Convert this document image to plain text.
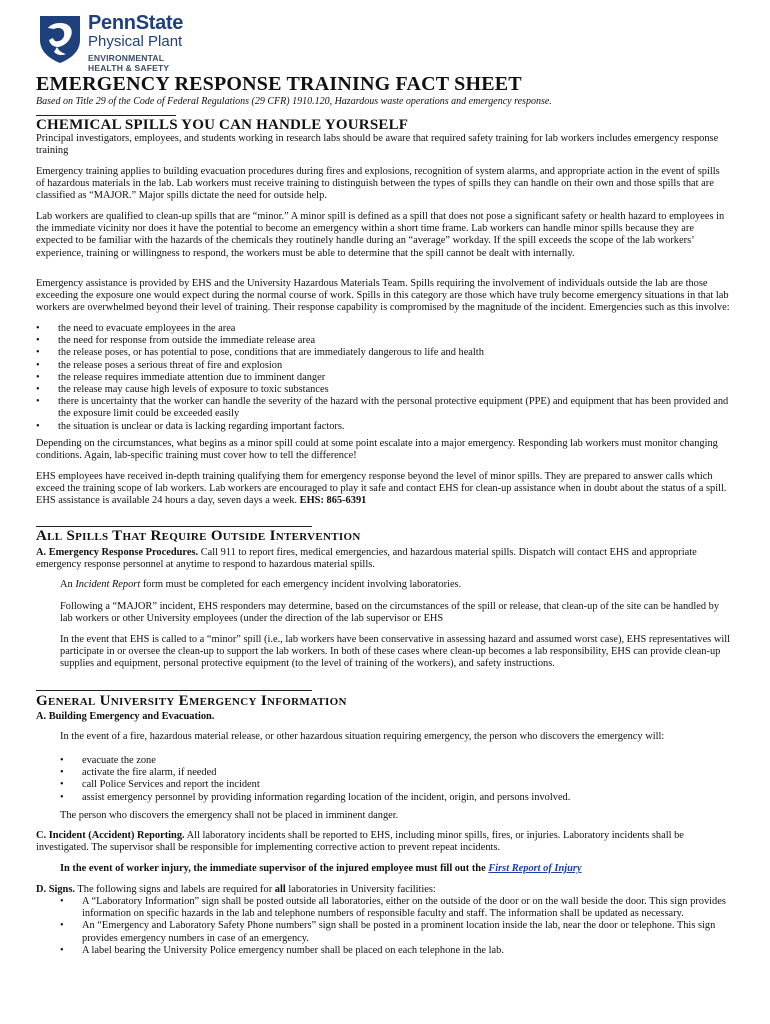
PennState
Physical Plant
ENVIRONMENTAL
HEALTH & SAFETY
EMERGENCY RESPONSE TRAINING FACT SHEET
Based on Title 29 of the Code of Federal Regulations (29 CFR) 1910.120, Hazardous waste operations and emergency response.
CHEMICAL SPILLS YOU CAN HANDLE YOURSELF
Principal investigators, employees, and students working in research labs should be aware that required safety training for lab workers includes emergency response training
Emergency training applies to building evacuation procedures during fires and explosions, recognition of system alarms, and appropriate action in the event of spills of hazardous materials in the lab. Lab workers must receive training to distinguish between the types of spills they can handle on their own and those spills that are classified as “MAJOR.” Major spills dictate the need for outside help.
Lab workers are qualified to clean-up spills that are “minor.” A minor spill is defined as a spill that does not pose a significant safety or health hazard to employees in the immediate vicinity nor does it have the potential to become an emergency within a short time frame. Lab workers can handle minor spills because they are expected to be familiar with the hazards of the chemicals they routinely handle during an “average” workday. If the spill exceeds the scope of the lab workers’ experience, training or willingness to respond, the workers must be able to determine that the spill cannot be dealt with internally.
Emergency assistance is provided by EHS and the University Hazardous Materials Team. Spills requiring the involvement of individuals outside the lab are those exceeding the exposure one would expect during the normal course of work. Spills in this category are those which have truly become emergency situations in that lab workers are overwhelmed beyond their level of training. Their response capability is compromised by the magnitude of the incident. Emergencies such as this involve:
• the need to evacuate employees in the area
• the need for response from outside the immediate release area
• the release poses, or has potential to pose, conditions that are immediately dangerous to life and health
• the release poses a serious threat of fire and explosion
• the release requires immediate attention due to imminent danger
• the release may cause high levels of exposure to toxic substances
• there is uncertainty that the worker can handle the severity of the hazard with the personal protective equipment (PPE) and equipment that has been provided and the exposure limit could be exceeded easily
• the situation is unclear or data is lacking regarding important factors.
Depending on the circumstances, what begins as a minor spill could at some point escalate into a major emergency. Responding lab workers must monitor changing conditions. Again, lab-specific training must cover how to tell the difference!
EHS employees have received in-depth training qualifying them for emergency response beyond the level of minor spills. They are prepared to answer calls which exceed the training scope of lab workers. Lab workers are encouraged to play it safe and contact EHS for clean-up assistance when in doubt about the status of a spill. EHS assistance is available 24 hours a day, seven days a week. EHS: 865-6391
All Spills That Require Outside Intervention
A. Emergency Response Procedures. Call 911 to report fires, medical emergencies, and hazardous material spills. Dispatch will contact EHS and appropriate emergency response personnel at anytime to respond to hazardous material spills.
An Incident Report form must be completed for each emergency incident involving laboratories.
Following a “MAJOR” incident, EHS responders may determine, based on the circumstances of the spill or release, that clean-up of the site can be handled by lab workers or other University employees (under the direction of the lab supervisor or EHS
In the event that EHS is called to a “minor” spill (i.e., lab workers have been conservative in assessing hazard and assumed worst case), EHS representatives will participate in or oversee the clean-up to support the lab workers. In both of these cases where clean-up becomes a lab responsibility, EHS can provide clean-up supplies and equipment, personal protective equipment (to the level of training of the workers), and safety instructions.
General University Emergency Information
A. Building Emergency and Evacuation.
In the event of a fire, hazardous material release, or other hazardous situation requiring emergency, the person who discovers the emergency will:
• evacuate the zone
• activate the fire alarm, if needed
• call Police Services and report the incident
• assist emergency personnel by providing information regarding location of the incident, origin, and persons involved.
The person who discovers the emergency shall not be placed in imminent danger.
C. Incident (Accident) Reporting. All laboratory incidents shall be reported to EHS, including minor spills, fires, or injuries. Laboratory incidents shall be investigated. The supervisor shall be responsible for implementing corrective action to prevent repeat incidents.
In the event of worker injury, the immediate supervisor of the injured employee must fill out the First Report of Injury
D. Signs. The following signs and labels are required for all laboratories in University facilities:
• A “Laboratory Information” sign shall be posted outside all laboratories, either on the outside of the door or on the wall beside the door. This sign provides information on specific hazards in the lab and telephone numbers of responsible faculty and staff. The information shall be updated as necessary.
• An “Emergency and Laboratory Safety Phone numbers” sign shall be posted in a prominent location inside the lab, near the door or telephone. This sign provides emergency numbers in case of an emergency.
• A label bearing the University Police emergency number shall be placed on each telephone in the lab.
